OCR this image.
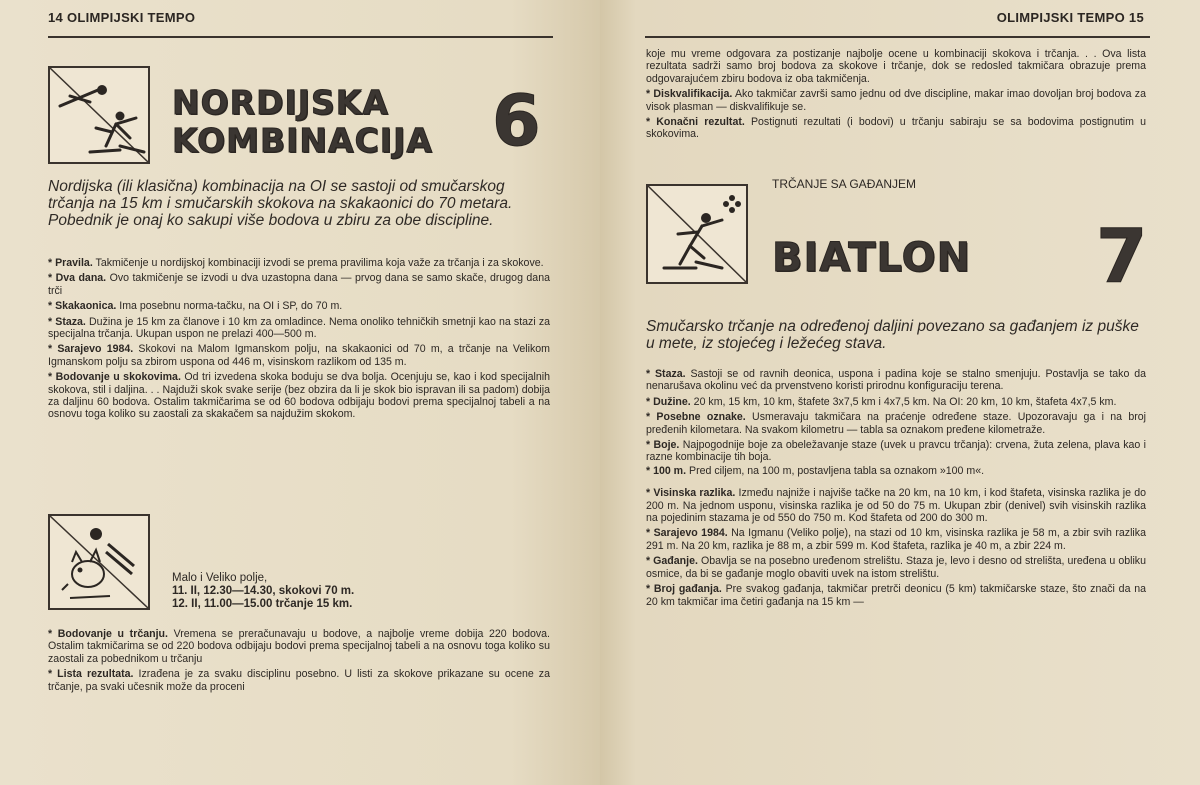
14 OLIMPIJSKI TEMPO
NORDIJSKA
KOMBINACIJA 6
Nordijska (ili klasična) kombinacija na OI se sastoji od smučarskog trčanja na 15 km i smučarskih skokova na skakaonici do 70 metara. Pobednik je onaj ko sakupi više bodova u zbiru za obe discipline.
* Pravila. Takmičenje u nordijskoj kombinaciji izvodi se prema pravilima koja važe za trčanja i za skokove.
* Dva dana. Ovo takmičenje se izvodi u dva uzastopna dana — prvog dana se samo skače, drugog dana trči
* Skakaonica. Ima posebnu norma-tačku, na OI i SP, do 70 m.
* Staza. Dužina je 15 km za članove i 10 km za omladince. Nema onoliko tehničkih smetnji kao na stazi za specijalna trčanja. Ukupan uspon ne prelazi 400—500 m.
* Sarajevo 1984. Skokovi na Malom Igmanskom polju, na skakaonici od 70 m, a trčanje na Velikom Igmanskom polju sa zbirom uspona od 446 m, visinskom razlikom od 135 m.
* Bodovanje u skokovima. Od tri izvedena skoka boduju se dva bolja. Ocenjuju se, kao i kod specijalnih skokova, stil i daljina. . . Najduži skok svake serije (bez obzira da li je skok bio ispravan ili sa padom) dobija za daljinu 60 bodova. Ostalim takmičarima se od 60 bodova odbijaju bodovi prema specijalnoj tabeli a na osnovu toga koliko su zaostali za skakačem sa najdužim skokom.
Malo i Veliko polje,
11. II, 12.30—14.30, skokovi 70 m.
12. II, 11.00—15.00 trčanje 15 km.
* Bodovanje u trčanju. Vremena se preračunavaju u bodove, a najbolje vreme dobija 220 bodova. Ostalim takmičarima se od 220 bodova odbijaju bodovi prema specijalnoj tabeli a na osnovu toga koliko su zaostali za pobednikom u trčanju
* Lista rezultata. Izrađena je za svaku disciplinu posebno. U listi za skokove prikazane su ocene za trčanje, pa svaki učesnik može da proceni
OLIMPIJSKI TEMPO 15
koje mu vreme odgovara za postizanje najbolje ocene u kombinaciji skokova i trčanja. . . Ova lista rezultata sadrži samo broj bodova za skokove i trčanje, dok se redosled takmičara obrazuje prema odgovarajućem zbiru bodova iz oba takmičenja.
* Diskvalifikacija. Ako takmičar završi samo jednu od dve discipline, makar imao dovoljan broj bodova za visok plasman — diskvalifikuje se.
* Konačni rezultat. Postignuti rezultati (i bodovi) u trčanju sabiraju se sa bodovima postignutim u skokovima.
TRČANJE SA GAĐANJEM
BIATLON 7
Smučarsko trčanje na određenoj daljini povezano sa gađanjem iz puške u mete, iz stojećeg i ležećeg stava.
* Staza. Sastoji se od ravnih deonica, uspona i padina koje se stalno smenjuju. Postavlja se tako da nenarušava okolinu već da prvenstveno koristi prirodnu konfiguraciju terena.
* Dužine. 20 km, 15 km, 10 km, štafete 3x7,5 km i 4x7,5 km. Na OI: 20 km, 10 km, štafeta 4x7,5 km.
* Posebne oznake. Usmeravaju takmičara na praćenje određene staze. Upozoravaju ga i na broj pređenih kilometara. Na svakom kilometru — tabla sa oznakom pređene kilometraže.
* Boje. Najpogodnije boje za obeležavanje staze (uvek u pravcu trčanja): crvena, žuta zelena, plava kao i razne kombinacije tih boja.
* 100 m. Pred ciljem, na 100 m, postavljena tabla sa oznakom »100 m«.
* Visinska razlika. Između najniže i najviše tačke na 20 km, na 10 km, i kod štafeta, visinska razlika je do 200 m. Na jednom usponu, visinska razlika je od 50 do 75 m. Ukupan zbir (denivel) svih visinskih razlika na pojedinim stazama je od 550 do 750 m. Kod štafeta od 200 do 300 m.
* Sarajevo 1984. Na Igmanu (Veliko polje), na stazi od 10 km, visinska razlika je 58 m, a zbir svih razlika 291 m. Na 20 km, razlika je 88 m, a zbir 599 m. Kod štafeta, razlika je 40 m, a zbir 224 m.
* Gađanje. Obavlja se na posebno uređenom strelištu. Staza je, levo i desno od strelišta, uređena u obliku osmice, da bi se gađanje moglo obaviti uvek na istom strelištu.
* Broj gađanja. Pre svakog gađanja, takmičar pretrči deonicu (5 km) takmičarske staze, što znači da na 20 km takmičar ima četiri gađanja na 15 km —
